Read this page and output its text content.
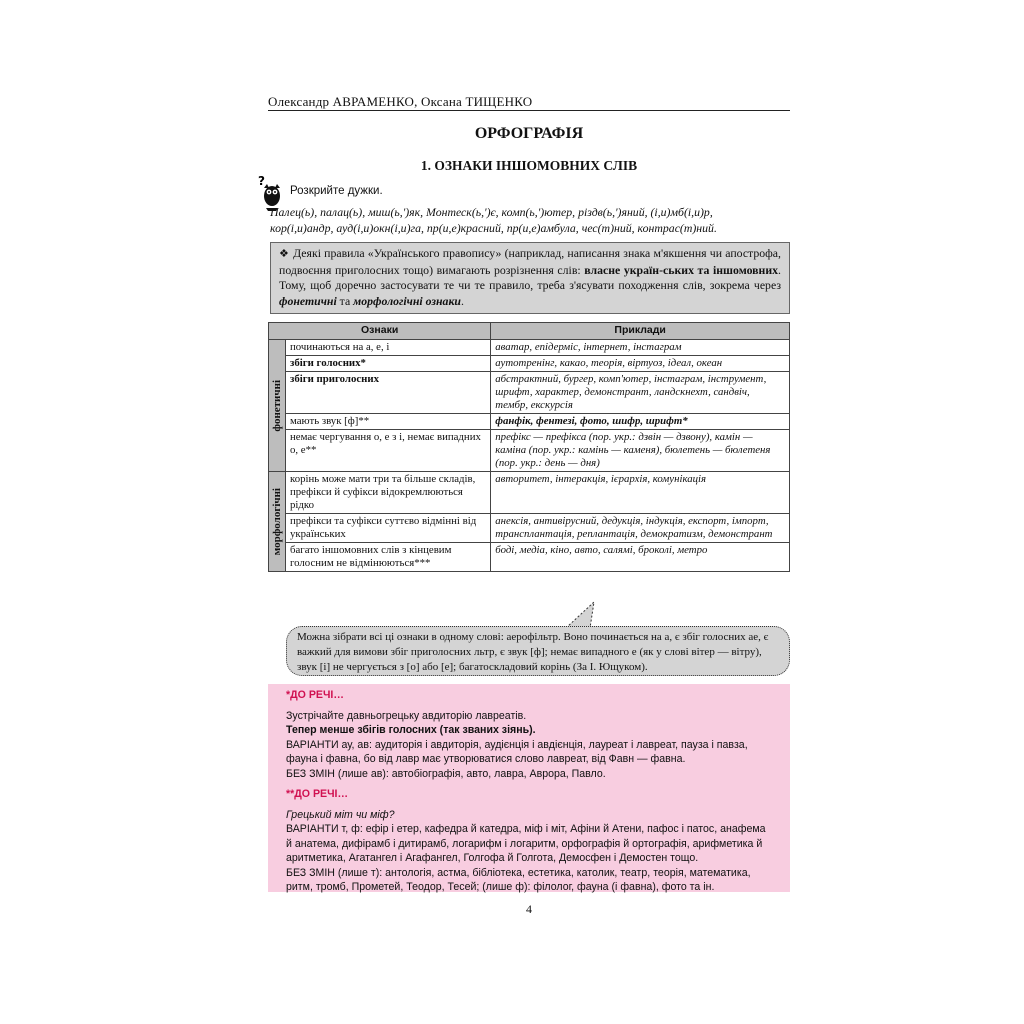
Олександр АВРАМЕНКО, Оксана ТИЩЕНКО
ОРФОГРАФІЯ
1. ОЗНАКИ ІНШОМОВНИХ СЛІВ
?
Розкрийте дужки.
Палец(ь), палац(ь), миш(ь,')як, Монтеск(ь,')є, комп(ь,')ютер, різдв(ь,')яний, (і,и)мб(і,и)р,
кор(і,и)андр, ауд(і,и)окн(і,и)га, пр(и,е)красний, пр(и,е)амбула, чес(т)ний, контрас(т)ний.
❖ Деякі правила «Українського правопису» (наприклад, написання знака м'якшення чи апострофа, подвоєння приголосних тощо) вимагають розрізнення слів: власне україн-ських та іншомовних. Тому, щоб доречно застосувати те чи те правило, треба з'ясувати походження слів, зокрема через фонетичні та морфологічні ознаки.
Ознаки		Приклади

фонетичні	починаються на а, е, і	аватар, епідерміс, інтернет, інстаграм
	збіги голосних*	аутотренінг, какао, теорія, віртуоз, ідеал, океан
	збіги приголосних	абстрактний, бургер, комп'ютер, інстаграм, інструмент, шрифт, характер, демонстрант, ландскнехт, сандвіч, тембр, екскурсія
	мають звук [ф]**	фанфік, фентезі, фото, шифр, шрифт*
	немає чергування о, е з і, немає випадних о, е**	префікс — префікса (пор. укр.: дзвін — дзвону), камін — каміна (пор. укр.: камінь — каменя), бюлетень — бюлетеня (пор. укр.: день — дня)

морфологічні	корінь може мати три та більше складів, префікси й суфікси відокремлюються рідко	авторитет, інтеракція, ієрархія, комунікація
	префікси та суфікси суттєво відмінні від українських	анексія, антивірусний, дедукція, індукція, експорт, імпорт, трансплантація, реплантація, демократизм, демонстрант
	багато іншомовних слів з кінцевим голосним не відмінюються***	боді, медіа, кіно, авто, салямі, броколі, метро
Можна зібрати всі ці ознаки в одному слові: аерофільтр. Воно починається на а, є збіг голосних ае, є важкий для вимови збіг приголосних льтр, є звук [ф]; немає випадного е (як у слові вітер — вітру), звук [і] не чергується з [о] або [е]; багатоскладовий корінь (За І. Ющуком).

*ДО РЕЧІ…

Зустрічайте давньогрецьку авдиторію лавреатів.

Тепер менше збігів голосних (так званих зіянь).

ВАРІАНТИ ау, ав: аудиторія і авдиторія, аудієнція і авдієнція, лауреат і лавреат, пауза і павза, фауна і фавна, бо від лавр має утворюватися слово лавреат, від Фавн — фавна.

БЕЗ ЗМІН (лише ав): автобіографія, авто, лавра, Аврора, Павло.

**ДО РЕЧІ…

Грецький міт чи міф?

ВАРІАНТИ т, ф: ефір і етер, кафедра й катедра, міф і міт, Афіни й Атени, пафос і патос, анафема й анатема, дифірамб і дитирамб, логарифм і логаритм, орфографія й ортографія, арифметика й аритметика, Агатангел і Агафангел, Голгофа й Голгота, Демосфен і Демостен тощо.

БЕЗ ЗМІН (лише т): антологія, астма, бібліотека, естетика, католик, театр, теорія, математика, ритм, тромб, Прометей, Теодор, Тесей; (лише ф): філолог, фауна (і фавна), фото та ін.

4
